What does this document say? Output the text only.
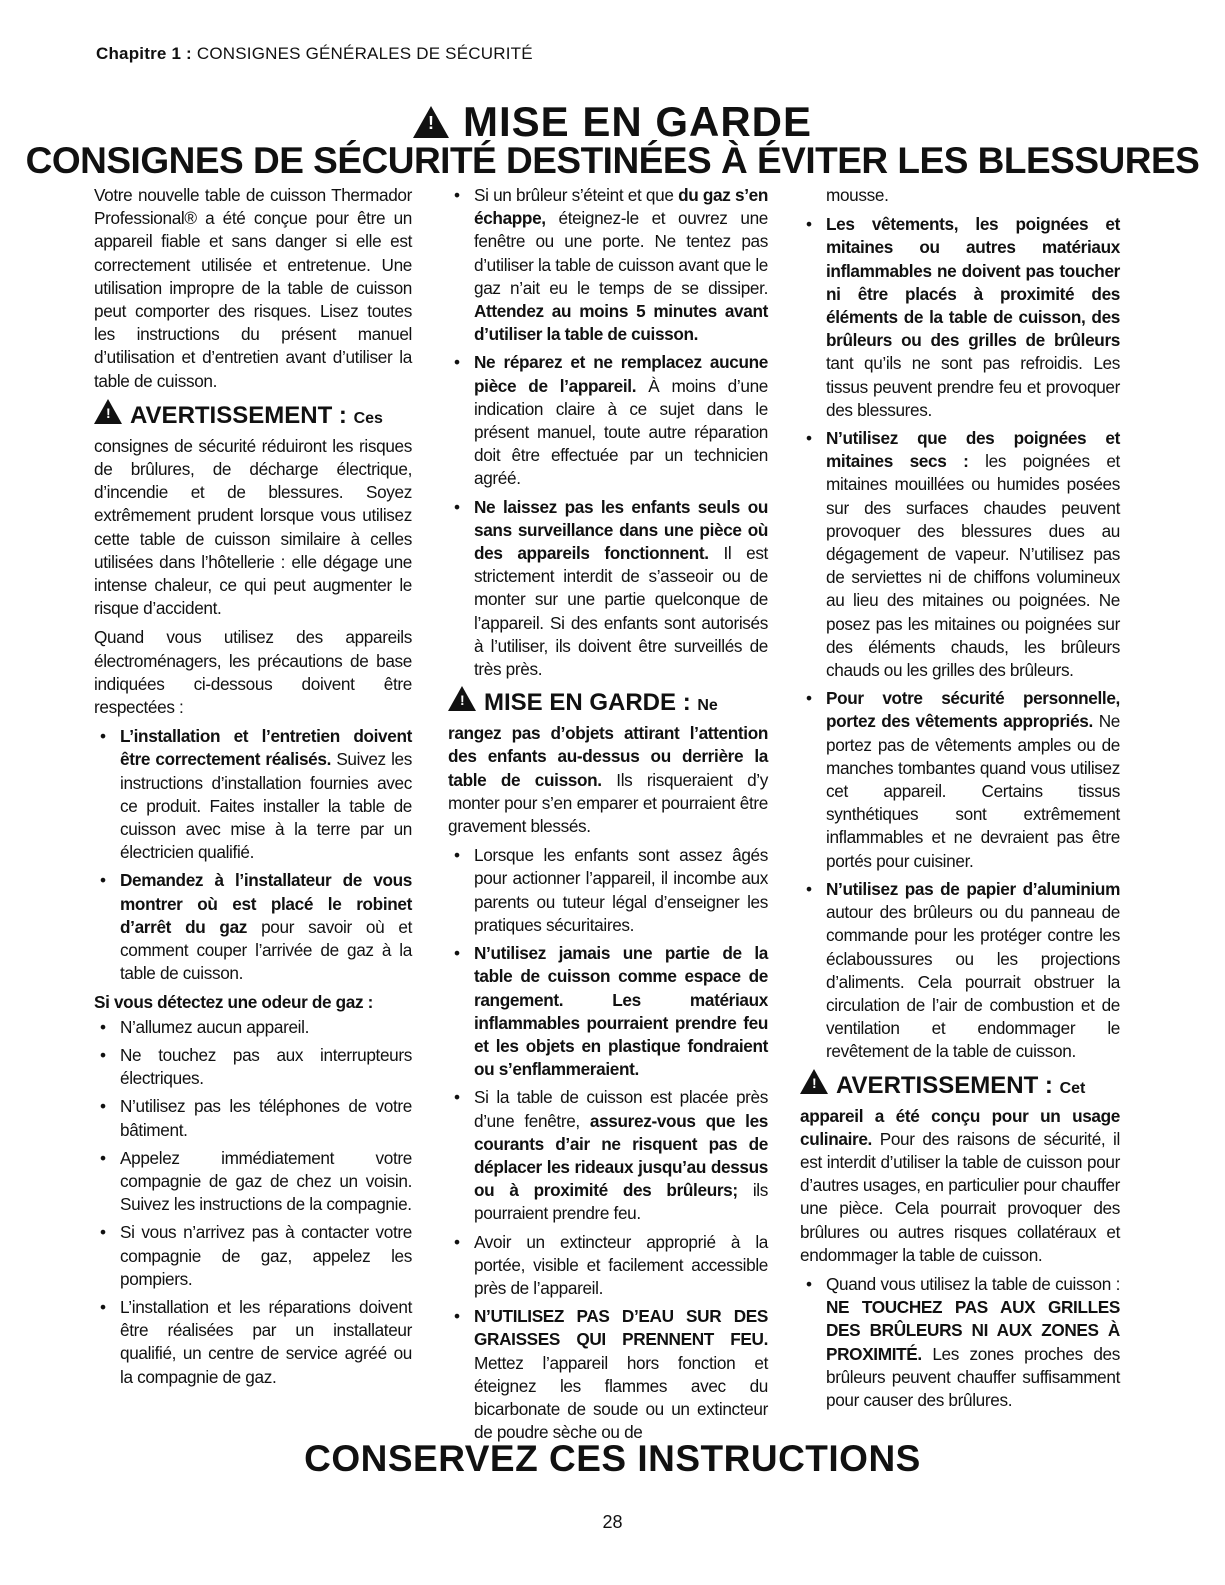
Chapitre 1 : CONSIGNES GÉNÉRALES DE SÉCURITÉ
!MISE EN GARDE
CONSIGNES DE SÉCURITÉ DESTINÉES À ÉVITER LES BLESSURES

Votre nouvelle table de cuisson Thermador Professional® a été conçue pour être un appareil fiable et sans danger si elle est correctement utilisée et entretenue. Une utilisation impropre de la table de cuisson peut comporter des risques. Lisez toutes les instructions du présent manuel d’utilisation et d’entretien avant d’utiliser la table de cuisson.

!AVERTISSEMENT : Ces

consignes de sécurité réduiront les risques de brûlures, de décharge électrique, d’incendie et de blessures. Soyez extrêmement prudent lorsque vous utilisez cette table de cuisson similaire à celles utilisées dans l’hôtellerie : elle dégage une intense chaleur, ce qui peut augmenter le risque d’accident.

Quand vous utilisez des appareils électroménagers, les précautions de base indiquées ci-dessous doivent être respectées :

•
L’installation et l’entretien doivent être correctement réalisés. Suivez les instructions d’installation fournies avec ce produit. Faites installer la table de cuisson avec mise à la terre par un électricien qualifié.
•
Demandez à l’installateur de vous montrer où est placé le robinet d’arrêt du gaz pour savoir où et comment couper l’arrivée de gaz à la table de cuisson.

Si vous détectez une odeur de gaz :

•
N’allumez aucun appareil.
•
Ne touchez pas aux interrupteurs électriques.
•
N’utilisez pas les téléphones de votre bâtiment.
•
Appelez immédiatement votre compagnie de gaz de chez un voisin. Suivez les instructions de la compagnie.
•
Si vous n’arrivez pas à contacter votre compagnie de gaz, appelez les pompiers.
•
L’installation et les réparations doivent être réalisées par un installateur qualifié, un centre de service agréé ou la compagnie de gaz.
•
Si un brûleur s’éteint et que du gaz s’en échappe, éteignez-le et ouvrez une fenêtre ou une porte. Ne tentez pas d’utiliser la table de cuisson avant que le gaz n’ait eu le temps de se dissiper. Attendez au moins 5 minutes avant d’utiliser la table de cuisson.
•
Ne réparez et ne remplacez aucune pièce de l’appareil. À moins d’une indication claire à ce sujet dans le présent manuel, toute autre réparation doit être effectuée par un technicien agréé.
•
Ne laissez pas les enfants seuls ou sans surveillance dans une pièce où des appareils fonctionnent. Il est strictement interdit de s’asseoir ou de monter sur une partie quelconque de l’appareil. Si des enfants sont autorisés à l’utiliser, ils doivent être surveillés de très près.
!MISE EN GARDE : Ne

rangez pas d’objets attirant l’attention des enfants au-dessus ou derrière la table de cuisson. Ils risqueraient d’y monter pour s’en emparer et pourraient être gravement blessés.

•
Lorsque les enfants sont assez âgés pour actionner l’appareil, il incombe aux parents ou tuteur légal d’enseigner les pratiques sécuritaires.
•
N’utilisez jamais une partie de la table de cuisson comme espace de rangement. Les matériaux inflammables pourraient prendre feu et les objets en plastique fondraient ou s’enflammeraient.
•
Si la table de cuisson est placée près d’une fenêtre, assurez-vous que les courants d’air ne risquent pas de déplacer les rideaux jusqu’au dessus ou à proximité des brûleurs; ils pourraient prendre feu.
•
Avoir un extincteur approprié à la portée, visible et facilement accessible près de l’appareil.
•
N’UTILISEZ PAS D’EAU SUR DES GRAISSES QUI PRENNENT FEU. Mettez l’appareil hors fonction et éteignez les flammes avec du bicarbonate de soude ou un extincteur de poudre sèche ou de

mousse.

•
Les vêtements, les poignées et mitaines ou autres matériaux inflammables ne doivent pas toucher ni être placés à proximité des éléments de la table de cuisson, des brûleurs ou des grilles de brûleurs tant qu’ils ne sont pas refroidis. Les tissus peuvent prendre feu et provoquer des blessures.
•
N’utilisez que des poignées et mitaines secs : les poignées et mitaines mouillées ou humides posées sur des surfaces chaudes peuvent provoquer des blessures dues au dégagement de vapeur. N’utilisez pas de serviettes ni de chiffons volumineux au lieu des mitaines ou poignées. Ne posez pas les mitaines ou poignées sur des éléments chauds, les brûleurs chauds ou les grilles des brûleurs.
•
Pour votre sécurité personnelle, portez des vêtements appropriés. Ne portez pas de vêtements amples ou de manches tombantes quand vous utilisez cet appareil. Certains tissus synthétiques sont extrêmement inflammables et ne devraient pas être portés pour cuisiner.
•
N’utilisez pas de papier d’aluminium autour des brûleurs ou du panneau de commande pour les protéger contre les éclaboussures ou les projections d’aliments. Cela pourrait obstruer la circulation de l’air de combustion et de ventilation et endommager le revêtement de la table de cuisson.
!AVERTISSEMENT : Cet

appareil a été conçu pour un usage culinaire. Pour des raisons de sécurité, il est interdit d’utiliser la table de cuisson pour d’autres usages, en particulier pour chauffer une pièce. Cela pourrait provoquer des brûlures ou autres risques collatéraux et endommager la table de cuisson.

•
Quand vous utilisez la table de cuisson : NE TOUCHEZ PAS AUX GRILLES DES BRÛLEURS NI AUX ZONES À PROXIMITÉ. Les zones proches des brûleurs peuvent chauffer suffisamment pour causer des brûlures.
CONSERVEZ CES INSTRUCTIONS
28
